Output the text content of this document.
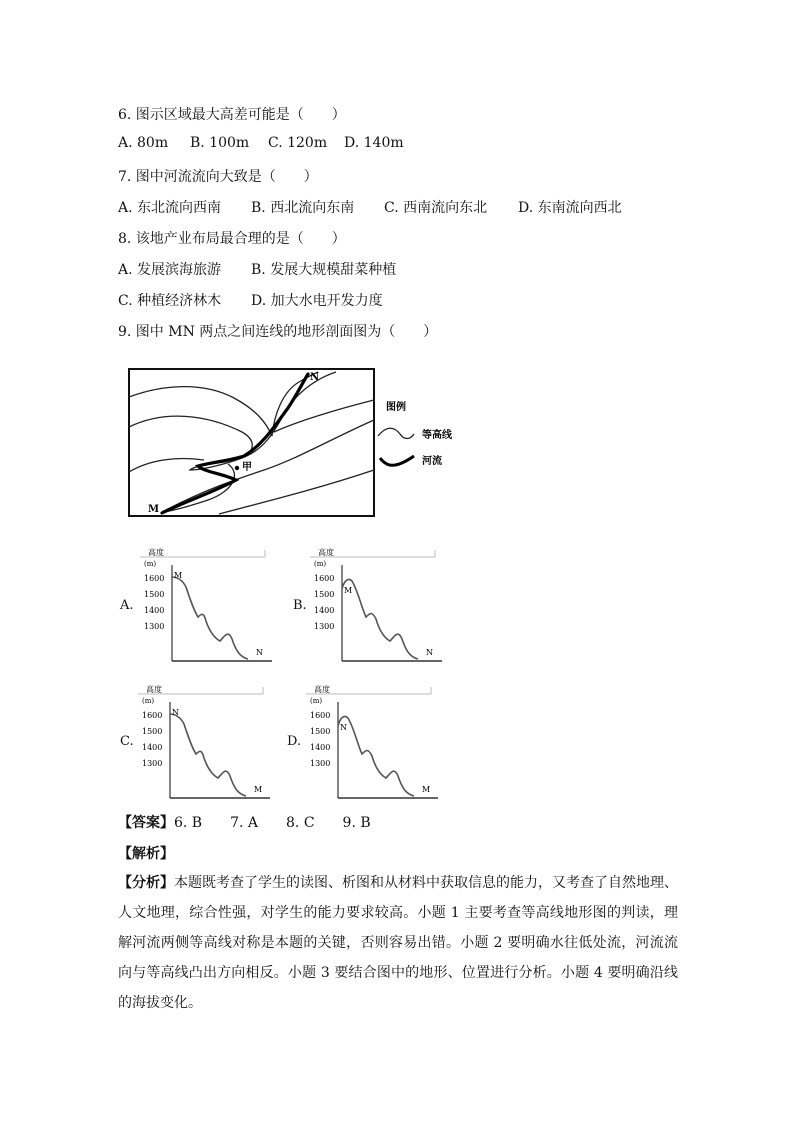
6. 图示区域最大高差可能是（　　）
A. 80m B. 100m C. 120m D. 140m
7. 图中河流流向大致是（　　）
A. 东北流向西南 B. 西北流向东南 C. 西南流向东北 D. 东南流向西北
8. 该地产业布局最合理的是（　　）
A. 发展滨海旅游 B. 发展大规模甜菜种植
C. 种植经济林木 D. 加大水电开发力度
9. 图中 MN 两点之间连线的地形剖面图为（　　）
甲
N
M
图例
等高线
河流
A.	B.
C.	D.
高度
(m)
1600
1500
1400
1300
M
N
高度
(m)
1600
1500
1400
1300
M
N
高度
(m)
1600
1500
1400
1300
N
M
高度
(m)
1600
1500
1400
1300
N
M
【答案】6. B　　7. A　　8. C　　9. B
【解析】
【分析】本题既考查了学生的读图、析图和从材料中获取信息的能力，又考查了自然地理、人文地理，综合性强，对学生的能力要求较高。小题 1 主要考查等高线地形图的判读，理解河流两侧等高线对称是本题的关键，否则容易出错。小题 2 要明确水往低处流，河流流向与等高线凸出方向相反。小题 3 要结合图中的地形、位置进行分析。小题 4 要明确沿线的海拔变化。
